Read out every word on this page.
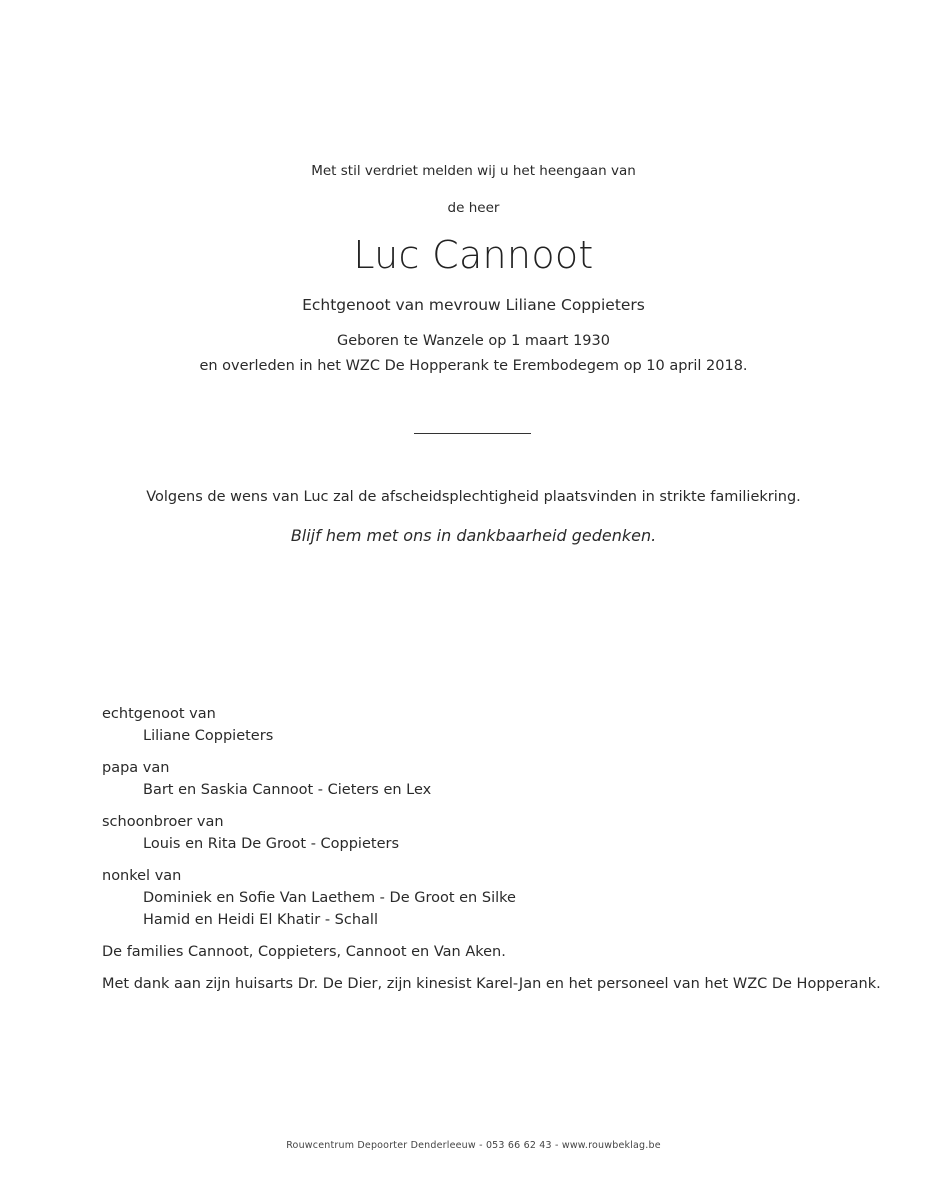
Met stil verdriet melden wij u het heengaan van
de heer
Luc Cannoot
Echtgenoot van mevrouw Liliane Coppieters
Geboren te Wanzele op 1 maart 1930
en overleden in het WZC De Hopperank te Erembodegem op 10 april 2018.
Volgens de wens van Luc zal de afscheidsplechtigheid plaatsvinden in strikte familiekring.
Blijf hem met ons in dankbaarheid gedenken.
echtgenoot van
Liliane Coppieters
papa van
Bart en Saskia Cannoot - Cieters en Lex
schoonbroer van
Louis en Rita De Groot - Coppieters
nonkel van
Dominiek en Sofie Van Laethem - De Groot en Silke
Hamid en Heidi El Khatir - Schall
De families Cannoot, Coppieters, Cannoot en Van Aken.
Met dank aan zijn huisarts Dr. De Dier, zijn kinesist Karel-Jan en het personeel van het WZC De Hopperank.
Rouwcentrum Depoorter Denderleeuw - 053 66 62 43 - www.rouwbeklag.be
